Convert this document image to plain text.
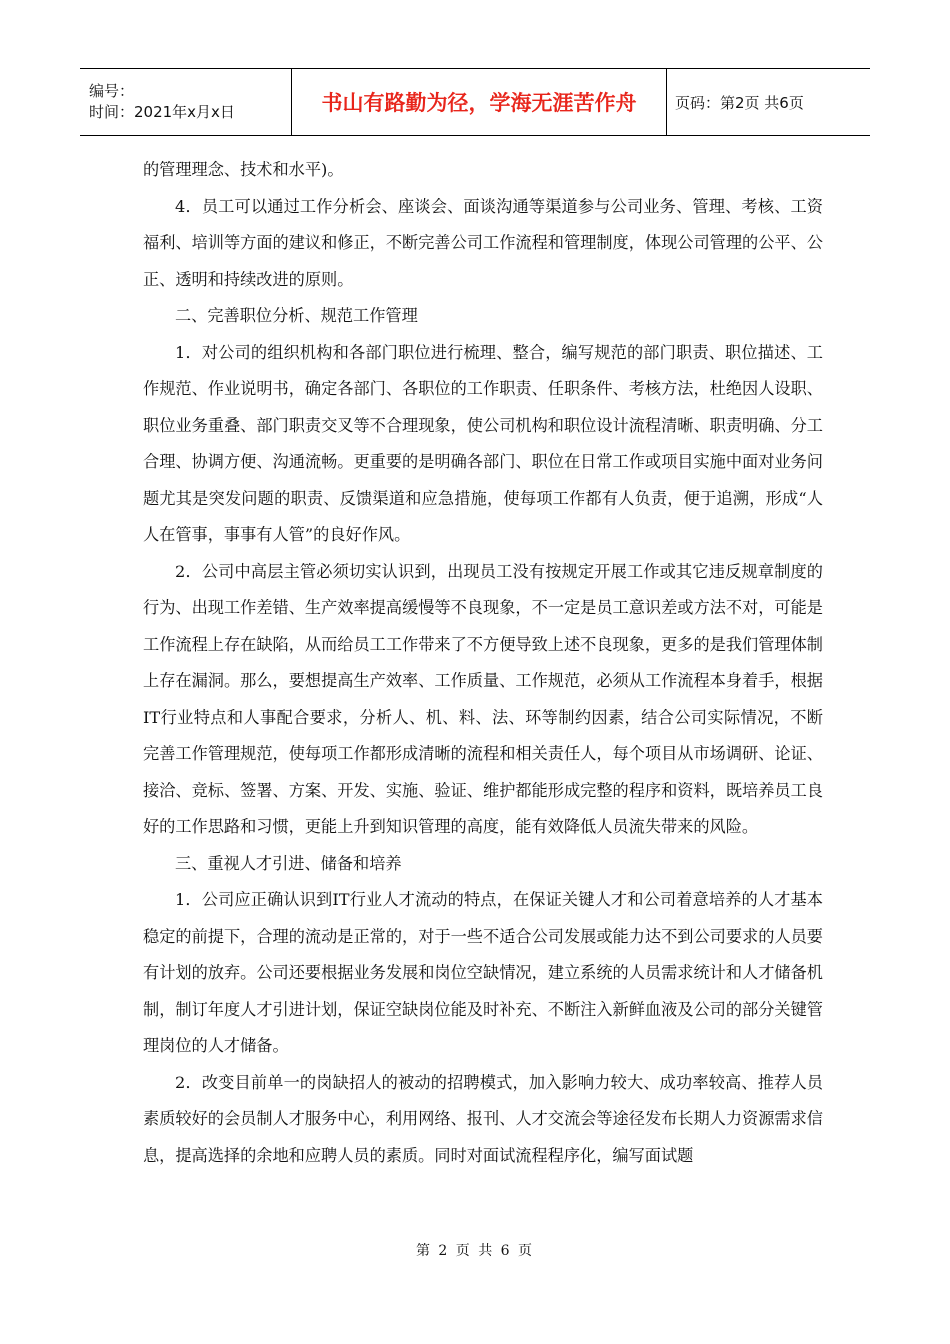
编号：
时间：2021年x月x日	书山有路勤为径，学海无涯苦作舟	页码：第2页 共6页

的管理理念、技术和水平)。

4．员工可以通过工作分析会、座谈会、面谈沟通等渠道参与公司业务、管理、考核、工资福利、培训等方面的建议和修正，不断完善公司工作流程和管理制度，体现公司管理的公平、公正、透明和持续改进的原则。

二、完善职位分析、规范工作管理

1．对公司的组织机构和各部门职位进行梳理、整合，编写规范的部门职责、职位描述、工作规范、作业说明书，确定各部门、各职位的工作职责、任职条件、考核方法，杜绝因人设职、职位业务重叠、部门职责交叉等不合理现象，使公司机构和职位设计流程清晰、职责明确、分工合理、协调方便、沟通流畅。更重要的是明确各部门、职位在日常工作或项目实施中面对业务问题尤其是突发问题的职责、反馈渠道和应急措施，使每项工作都有人负责，便于追溯，形成“人人在管事，事事有人管”的良好作风。

2．公司中高层主管必须切实认识到，出现员工没有按规定开展工作或其它违反规章制度的行为、出现工作差错、生产效率提高缓慢等不良现象，不一定是员工意识差或方法不对，可能是工作流程上存在缺陷，从而给员工工作带来了不方便导致上述不良现象，更多的是我们管理体制上存在漏洞。那么，要想提高生产效率、工作质量、工作规范，必须从工作流程本身着手，根据IT行业特点和人事配合要求，分析人、机、料、法、环等制约因素，结合公司实际情况，不断完善工作管理规范，使每项工作都形成清晰的流程和相关责任人，每个项目从市场调研、论证、接洽、竞标、签署、方案、开发、实施、验证、维护都能形成完整的程序和资料，既培养员工良好的工作思路和习惯，更能上升到知识管理的高度，能有效降低人员流失带来的风险。

三、重视人才引进、储备和培养

1．公司应正确认识到IT行业人才流动的特点，在保证关键人才和公司着意培养的人才基本稳定的前提下，合理的流动是正常的，对于一些不适合公司发展或能力达不到公司要求的人员要有计划的放弃。公司还要根据业务发展和岗位空缺情况，建立系统的人员需求统计和人才储备机制，制订年度人才引进计划，保证空缺岗位能及时补充、不断注入新鲜血液及公司的部分关键管理岗位的人才储备。

2．改变目前单一的岗缺招人的被动的招聘模式，加入影响力较大、成功率较高、推荐人员素质较好的会员制人才服务中心，利用网络、报刊、人才交流会等途径发布长期人力资源需求信息，提高选择的余地和应聘人员的素质。同时对面试流程程序化，编写面试题

第 2 页 共 6 页
